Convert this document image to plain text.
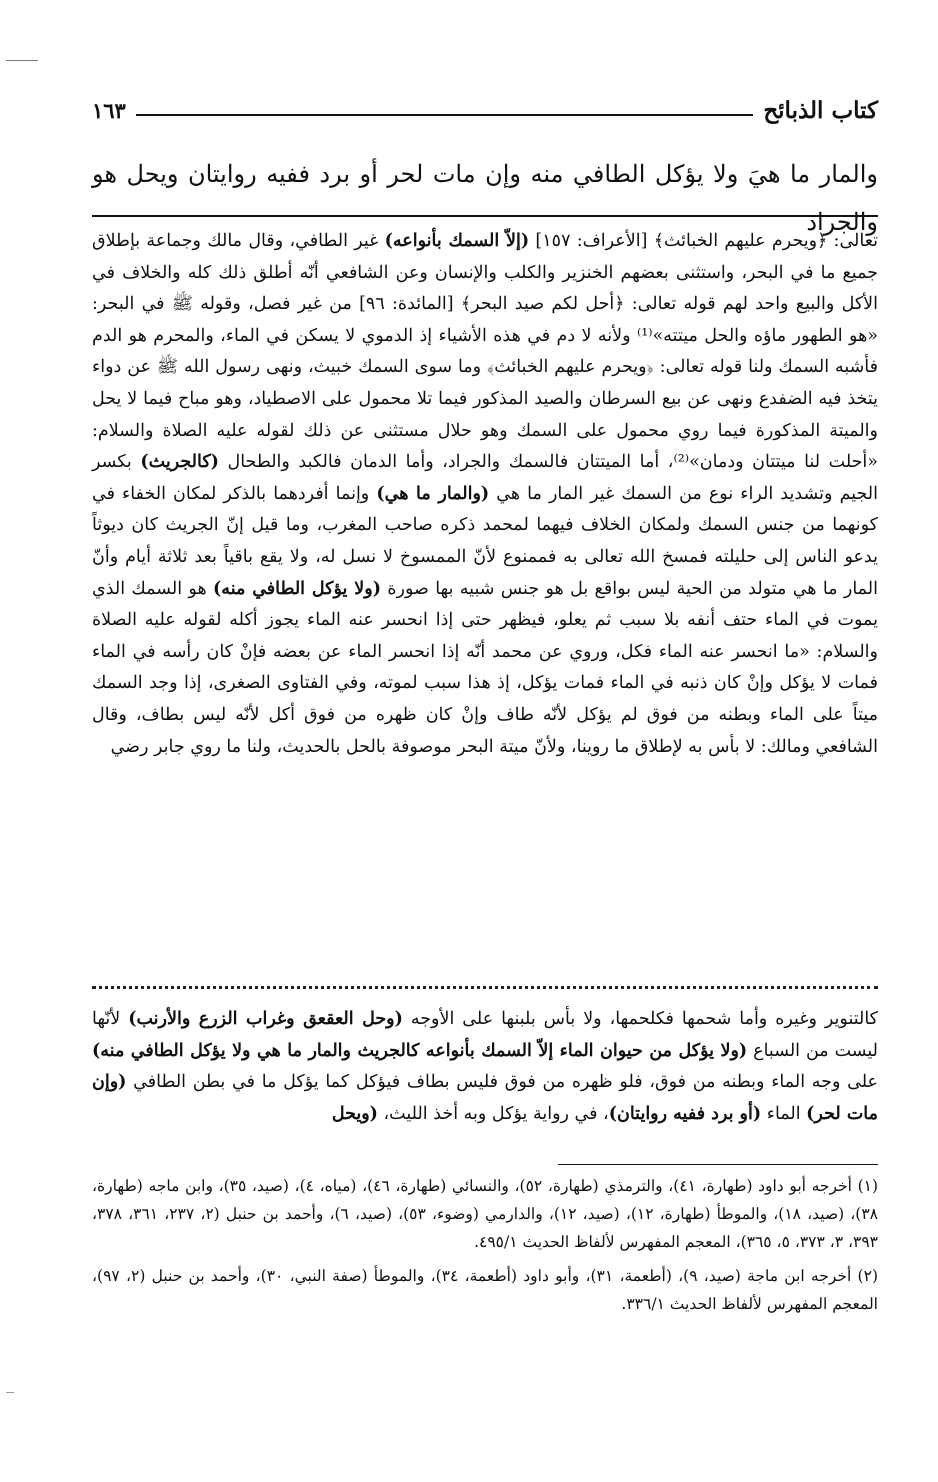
كتاب الذبائح
١٦٣
والمار ما هيَ ولا يؤكل الطافي منه وإن مات لحر أو برد ففيه روايتان ويحل هو والجراد

تعالى: ﴿ويحرم عليهم الخبائث﴾ [الأعراف: ١٥٧] (إلاّ السمك بأنواعه) غير الطافي، وقال مالك وجماعة بإطلاق جميع ما في البحر، واستثنى بعضهم الخنزير والكلب والإنسان وعن الشافعي أنّه أطلق ذلك كله والخلاف في الأكل والبيع واحد لهم قوله تعالى: ﴿أحل لكم صيد البحر﴾ [المائدة: ٩٦] من غير فصل، وقوله ﷺ في البحر: «هو الطهور ماؤه والحل ميتته»⁽¹⁾ ولأنه لا دم في هذه الأشياء إذ الدموي لا يسكن في الماء، والمحرم هو الدم فأشبه السمك ولنا قوله تعالى: ﴿ويحرم عليهم الخبائث﴾ وما سوى السمك خبيث، ونهى رسول الله ﷺ عن دواء يتخذ فيه الضفدع ونهى عن بيع السرطان والصيد المذكور فيما تلا محمول على الاصطياد، وهو مباح فيما لا يحل والميتة المذكورة فيما روي محمول على السمك وهو حلال مستثنى عن ذلك لقوله عليه الصلاة والسلام: «أحلت لنا ميتتان ودمان»⁽²⁾، أما الميتتان فالسمك والجراد، وأما الدمان فالكبد والطحال (كالجريث) بكسر الجيم وتشديد الراء نوع من السمك غير المار ما هي (والمار ما هي) وإنما أفردهما بالذكر لمكان الخفاء في كونهما من جنس السمك ولمكان الخلاف فيهما لمحمد ذكره صاحب المغرب، وما قيل إنّ الجريث كان ديوثاً يدعو الناس إلى حليلته فمسخ الله تعالى به فممنوع لأنّ الممسوخ لا نسل له، ولا يقع باقياً بعد ثلاثة أيام وأنّ المار ما هي متولد من الحية ليس بواقع بل هو جنس شبيه بها صورة (ولا يؤكل الطافي منه) هو السمك الذي يموت في الماء حتف أنفه بلا سبب ثم يعلو، فيظهر حتى إذا انحسر عنه الماء يجوز أكله لقوله عليه الصلاة والسلام: «ما انحسر عنه الماء فكل، وروي عن محمد أنّه إذا انحسر الماء عن بعضه فإنْ كان رأسه في الماء فمات لا يؤكل وإنْ كان ذنبه في الماء فمات يؤكل، إذ هذا سبب لموته، وفي الفتاوى الصغرى، إذا وجد السمك ميتاً على الماء وبطنه من فوق لم يؤكل لأنّه طاف وإنْ كان ظهره من فوق أكل لأنّه ليس بطاف، وقال الشافعي ومالك: لا بأس به لإطلاق ما روينا، ولأنّ ميتة البحر موصوفة بالحل بالحديث، ولنا ما روي جابر رضي

كالتنوير وغيره وأما شحمها فكلحمها، ولا بأس بلبنها على الأوجه (وحل العقعق وغراب الزرع والأرنب) لأنّها ليست من السباع (ولا يؤكل من حيوان الماء إلاّ السمك بأنواعه كالجريث والمار ما هي ولا يؤكل الطافي منه) على وجه الماء وبطنه من فوق، فلو ظهره من فوق فليس بطاف فيؤكل كما يؤكل ما في بطن الطافي (وإن مات لحر) الماء (أو برد ففيه روايتان)، في رواية يؤكل وبه أخذ الليث، (ويحل

(١) أخرجه أبو داود (طهارة، ٤١)، والترمذي (طهارة، ٥٢)، والنسائي (طهارة، ٤٦)، (مياه، ٤)، (صيد، ٣٥)، وابن ماجه (طهارة، ٣٨)، (صيد، ١٨)، والموطأ (طهارة، ١٢)، (صيد، ١٢)، والدارمي (وضوء، ٥٣)، (صيد، ٦)، وأحمد بن حنبل (٢، ٢٣٧، ٣٦١، ٣٧٨، ٣٩٣، ٣، ٣٧٣، ٥، ٣٦٥)، المعجم المفهرس لألفاظ الحديث ٤٩٥/١.

(٢) أخرجه ابن ماجة (صيد، ٩)، (أطعمة، ٣١)، وأبو داود (أطعمة، ٣٤)، والموطأ (صفة النبي، ٣٠)، وأحمد بن حنبل (٢، ٩٧)، المعجم المفهرس لألفاظ الحديث ٣٣٦/١.
